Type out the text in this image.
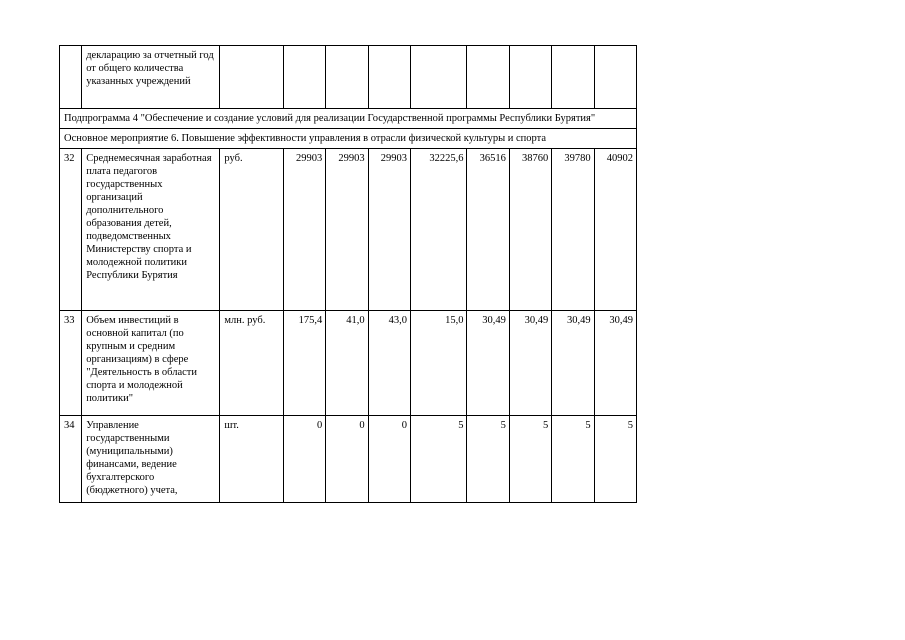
	декларацию за отчетный год от общего количества указанных учреждений									
Подпрограмма 4 "Обеспечение и создание условий для реализации Государственной программы Республики Бурятия"										
Основное мероприятие 6. Повышение эффективности управления в отрасли физической культуры и спорта										
32	Среднемесячная заработная плата педагогов государственных организаций дополнительного образования детей, подведомственных Министерству спорта и молодежной политики Республики Бурятия	руб.	29903	29903	29903	32225,6	36516	38760	39780	40902
33	Объем инвестиций в основной капитал (по крупным и средним организациям) в сфере "Деятельность в области спорта и молодежной политики"	млн. руб.	175,4	41,0	43,0	15,0	30,49	30,49	30,49	30,49
34	Управление государственными (муниципальными) финансами, ведение бухгалтерского (бюджетного) учета,	шт.	0	0	0	5	5	5	5	5
